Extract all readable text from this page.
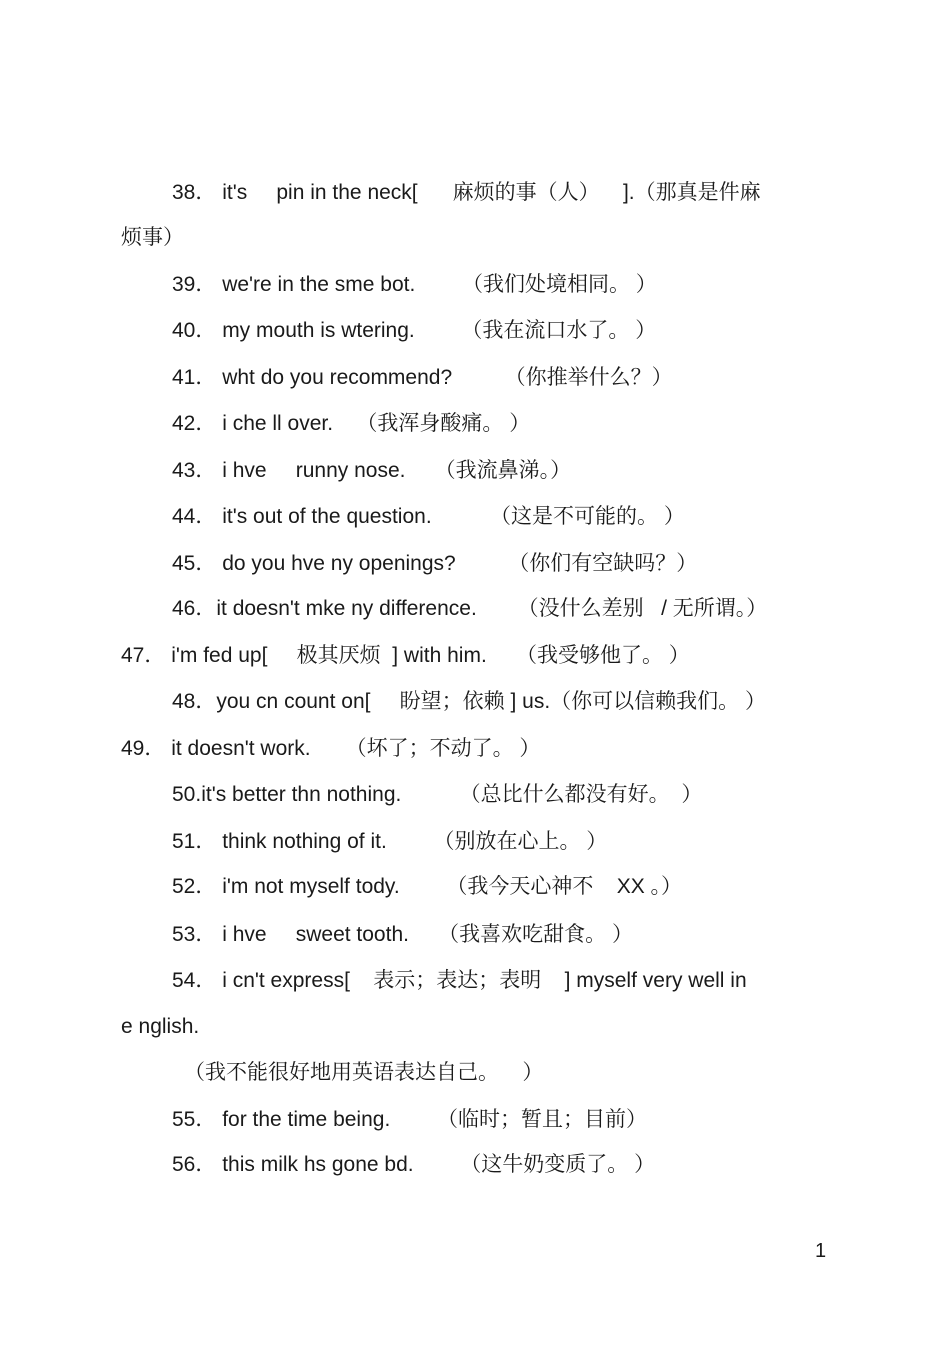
38． it's     pin in the neck[      麻烦的事（人）    ].（那真是件麻
烦事）
39． we're in the sme bot.        （我们处境相同。 ）
40． my mouth is wtering.        （我在流口水了。 ）
41． wht do you recommend?         （你推举什么？）
42． i che ll over.    （我浑身酸痛。 ）
43． i hve     runny nose.     （我流鼻涕。）
44． it's out of the question.          （这是不可能的。 ）
45． do you hve ny openings?         （你们有空缺吗？）
46．it doesn't mke ny difference.       （没什么差别   / 无所谓。）
47． i'm fed up[     极其厌烦  ] with him.     （我受够他了。 ）
48．you cn count on[     盼望；依赖 ] us.（你可以信赖我们。 ）
49． it doesn't work.      （坏了；不动了。 ）
50.it's better thn nothing.          （总比什么都没有好。  ）
51． think nothing of it.        （别放在心上。 ）
52． i'm not myself tody.        （我今天心神不    XX 。）
53． i hve     sweet tooth.     （我喜欢吃甜食。 ）
54． i cn't express[    表示；表达；表明    ] myself very well in
e nglish.
（我不能很好地用英语表达自己。    ）
55． for the time being.        （临时；暂且；目前）
56． this milk hs gone bd.        （这牛奶变质了。 ）
1
